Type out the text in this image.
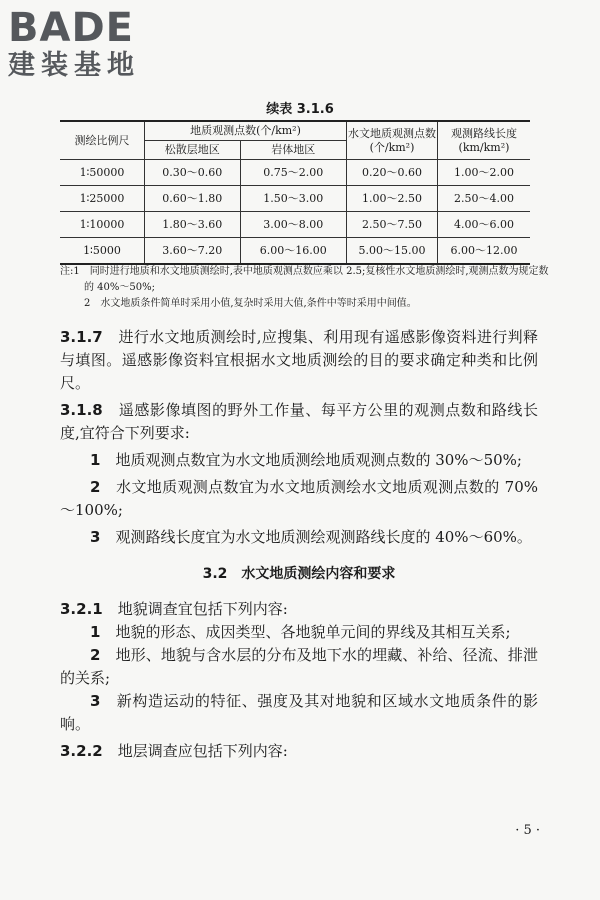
BADE
建装基地
续表 3.1.6
测绘比例尺	地质观测点数(个/km²)		水文地质观测点数(个/km²)	观测路线长度(km/km²)
	松散层地区	岩体地区		
1∶50000	0.30～0.60	0.75～2.00	0.20～0.60	1.00～2.00
1∶25000	0.60～1.80	1.50～3.00	1.00～2.50	2.50～4.00
1∶10000	1.80～3.60	3.00～8.00	2.50～7.50	4.00～6.00
1∶5000	3.60～7.20	6.00～16.00	5.00～15.00	6.00～12.00
注:1　同时进行地质和水文地质测绘时,表中地质观测点数应乘以 2.5;复核性水文地质测绘时,观测点数为规定数的 40%～50%;
2　水文地质条件简单时采用小值,复杂时采用大值,条件中等时采用中间值。

3.1.7　 进行水文地质测绘时,应搜集、利用现有遥感影像资料进行判释与填图。遥感影像资料宜根据水文地质测绘的目的要求确定种类和比例尺。

3.1.8　 遥感影像填图的野外工作量、每平方公里的观测点数和路线长度,宜符合下列要求:

1　 地质观测点数宜为水文地质测绘地质观测点数的 30%～50%;

2　 水文地质观测点数宜为水文地质测绘水文地质观测点数的 70%～100%;

3　 观测路线长度宜为水文地质测绘观测路线长度的 40%～60%。

3.2　 水文地质测绘内容和要求

3.2.1　 地貌调查宜包括下列内容:

1　 地貌的形态、成因类型、各地貌单元间的界线及其相互关系;

2　 地形、地貌与含水层的分布及地下水的埋藏、补给、径流、排泄的关系;

3　 新构造运动的特征、强度及其对地貌和区域水文地质条件的影响。

3.2.2　 地层调查应包括下列内容:

· 5 ·
